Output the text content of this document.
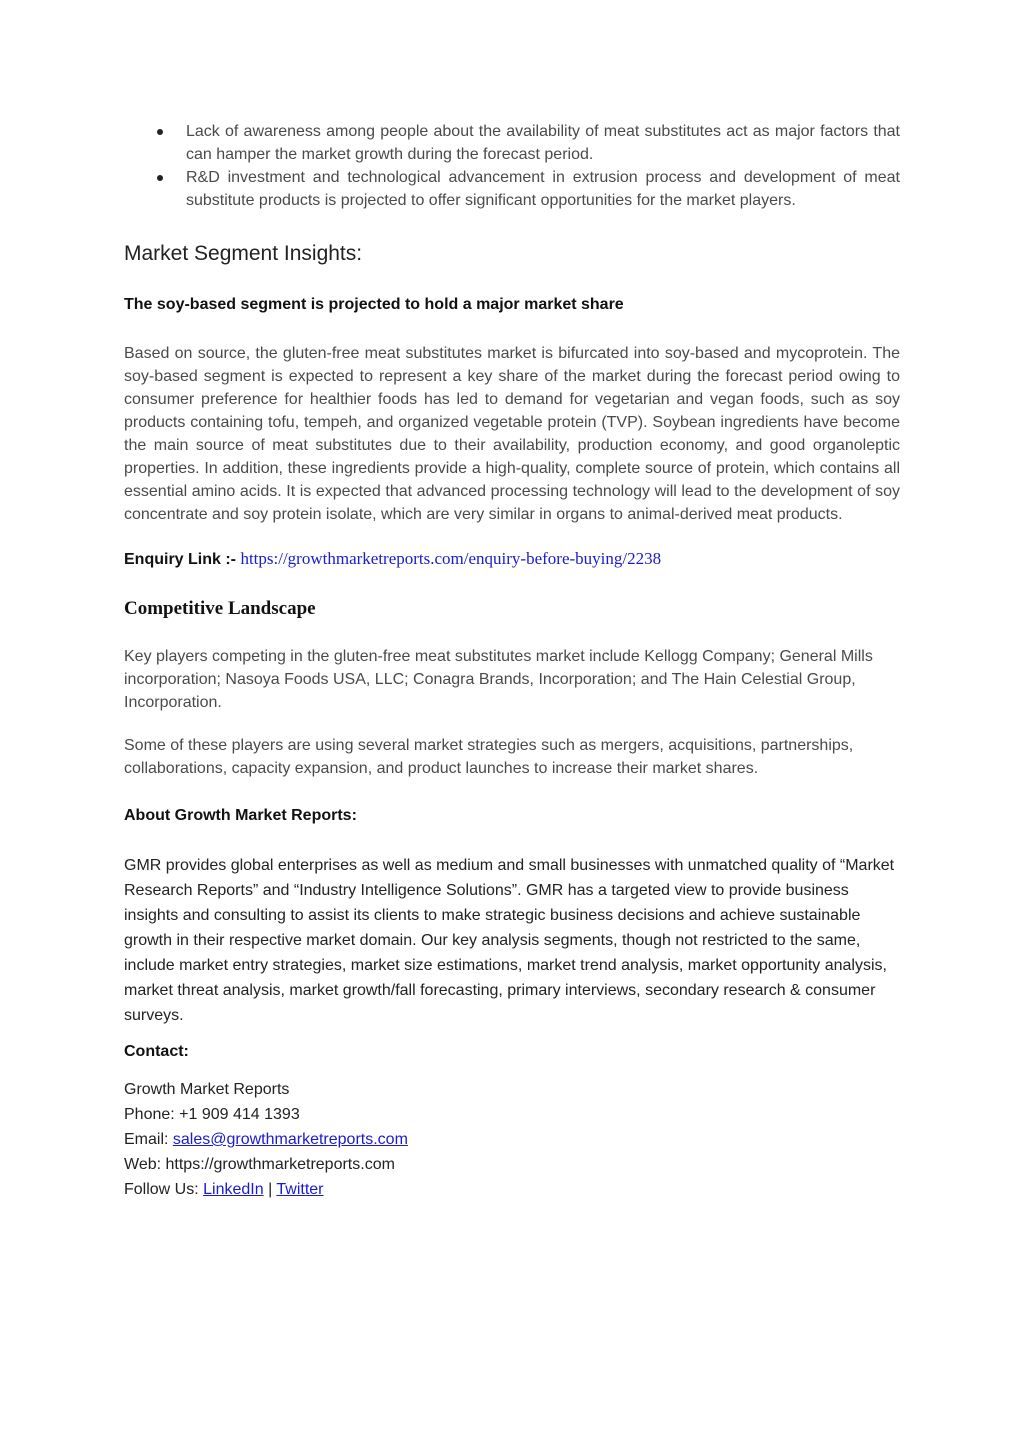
Lack of awareness among people about the availability of meat substitutes act as major factors that can hamper the market growth during the forecast period.
R&D investment and technological advancement in extrusion process and development of meat substitute products is projected to offer significant opportunities for the market players.
Market Segment Insights:

The soy-based segment is projected to hold a major market share

Based on source, the gluten-free meat substitutes market is bifurcated into soy-based and mycoprotein. The soy-based segment is expected to represent a key share of the market during the forecast period owing to consumer preference for healthier foods has led to demand for vegetarian and vegan foods, such as soy products containing tofu, tempeh, and organized vegetable protein (TVP). Soybean ingredients have become the main source of meat substitutes due to their availability, production economy, and good organoleptic properties. In addition, these ingredients provide a high-quality, complete source of protein, which contains all essential amino acids. It is expected that advanced processing technology will lead to the development of soy concentrate and soy protein isolate, which are very similar in organs to animal-derived meat products.

Enquiry Link :- https://growthmarketreports.com/enquiry-before-buying/2238

Competitive Landscape

Key players competing in the gluten-free meat substitutes market include Kellogg Company; General Mills incorporation; Nasoya Foods USA, LLC; Conagra Brands, Incorporation; and The Hain Celestial Group, Incorporation.

Some of these players are using several market strategies such as mergers, acquisitions, partnerships, collaborations, capacity expansion, and product launches to increase their market shares.

About Growth Market Reports:

GMR provides global enterprises as well as medium and small businesses with unmatched quality of “Market Research Reports” and “Industry Intelligence Solutions”. GMR has a targeted view to provide business insights and consulting to assist its clients to make strategic business decisions and achieve sustainable growth in their respective market domain. Our key analysis segments, though not restricted to the same, include market entry strategies, market size estimations, market trend analysis, market opportunity analysis, market threat analysis, market growth/fall forecasting, primary interviews, secondary research & consumer surveys.

Contact:

Growth Market Reports
Phone: +1 909 414 1393
Email: sales@growthmarketreports.com
Web: https://growthmarketreports.com
Follow Us: LinkedIn | Twitter
